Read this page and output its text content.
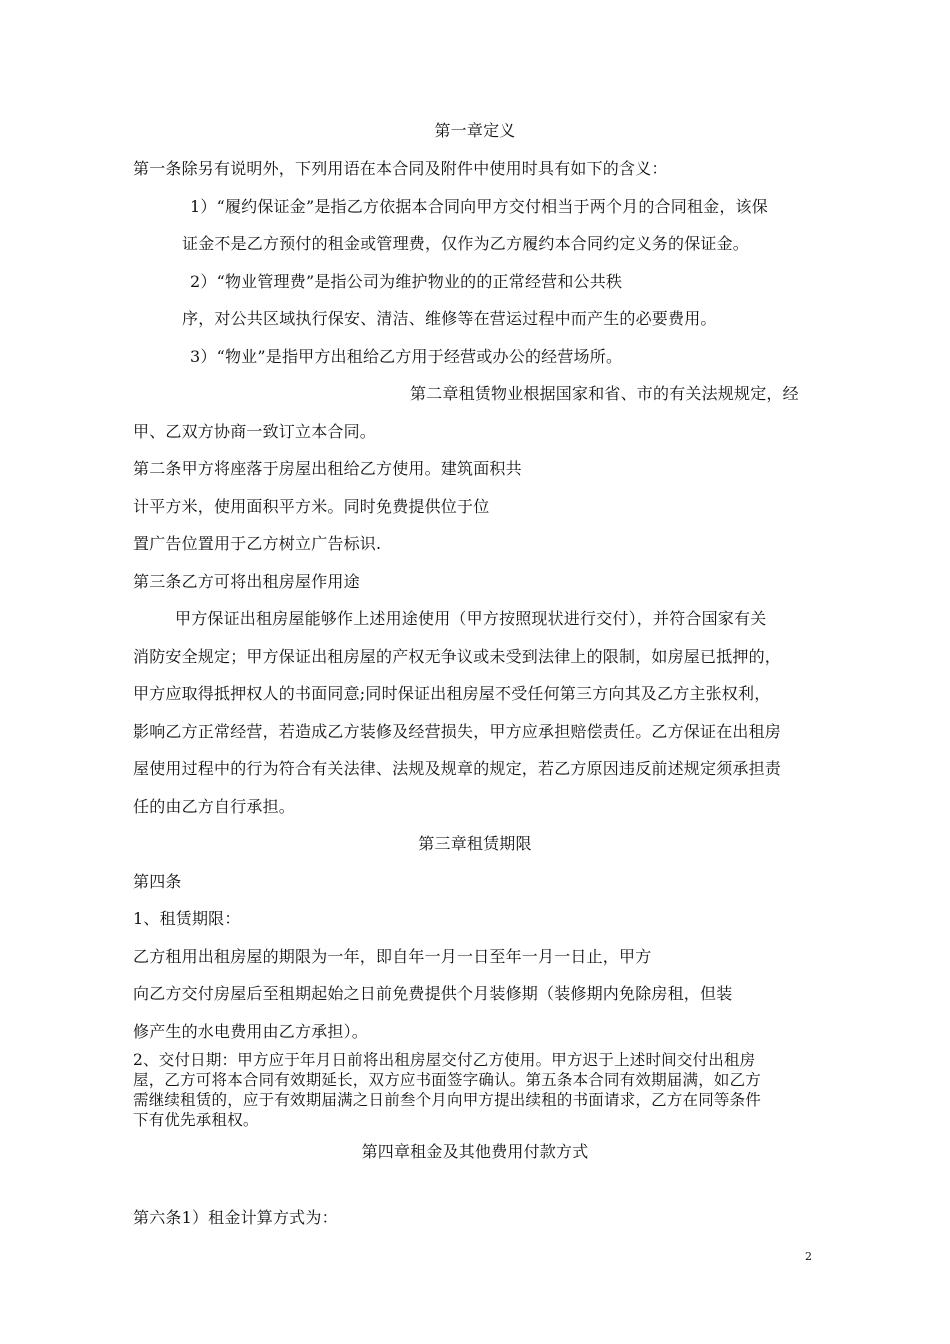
第一章定义
第一条除另有说明外，下列用语在本合同及附件中使用时具有如下的含义：
1）“履约保证金”是指乙方依据本合同向甲方交付相当于两个月的合同租金，该保
证金不是乙方预付的租金或管理费，仅作为乙方履约本合同约定义务的保证金。
2）“物业管理费”是指公司为维护物业的的正常经营和公共秩
序，对公共区域执行保安、清洁、维修等在营运过程中而产生的必要费用。
3）“物业”是指甲方出租给乙方用于经营或办公的经营场所。
第二章租赁物业根据国家和省、市的有关法规规定，经
甲、乙双方协商一致订立本合同。
第二条甲方将座落于房屋出租给乙方使用。建筑面积共
计平方米，使用面积平方米。同时免费提供位于位
置广告位置用于乙方树立广告标识.
第三条乙方可将出租房屋作用途
甲方保证出租房屋能够作上述用途使用（甲方按照现状进行交付），并符合国家有关
消防安全规定；甲方保证出租房屋的产权无争议或未受到法律上的限制，如房屋已抵押的，
甲方应取得抵押权人的书面同意;同时保证出租房屋不受任何第三方向其及乙方主张权利，
影响乙方正常经营，若造成乙方装修及经营损失，甲方应承担赔偿责任。乙方保证在出租房
屋使用过程中的行为符合有关法律、法规及规章的规定，若乙方原因违反前述规定须承担责
任的由乙方自行承担。
第三章租赁期限
第四条
1、租赁期限：
乙方租用出租房屋的期限为一年，即自年一月一日至年一月一日止，甲方
向乙方交付房屋后至租期起始之日前免费提供个月装修期（装修期内免除房租，但装
修产生的水电费用由乙方承担）。
2、交付日期：甲方应于年月日前将出租房屋交付乙方使用。甲方迟于上述时间交付出租房
屋，乙方可将本合同有效期延长，双方应书面签字确认。第五条本合同有效期届满，如乙方
需继续租赁的，应于有效期届满之日前叁个月向甲方提出续租的书面请求，乙方在同等条件
下有优先承租权。
第四章租金及其他费用付款方式
第六条1）租金计算方式为：
2
